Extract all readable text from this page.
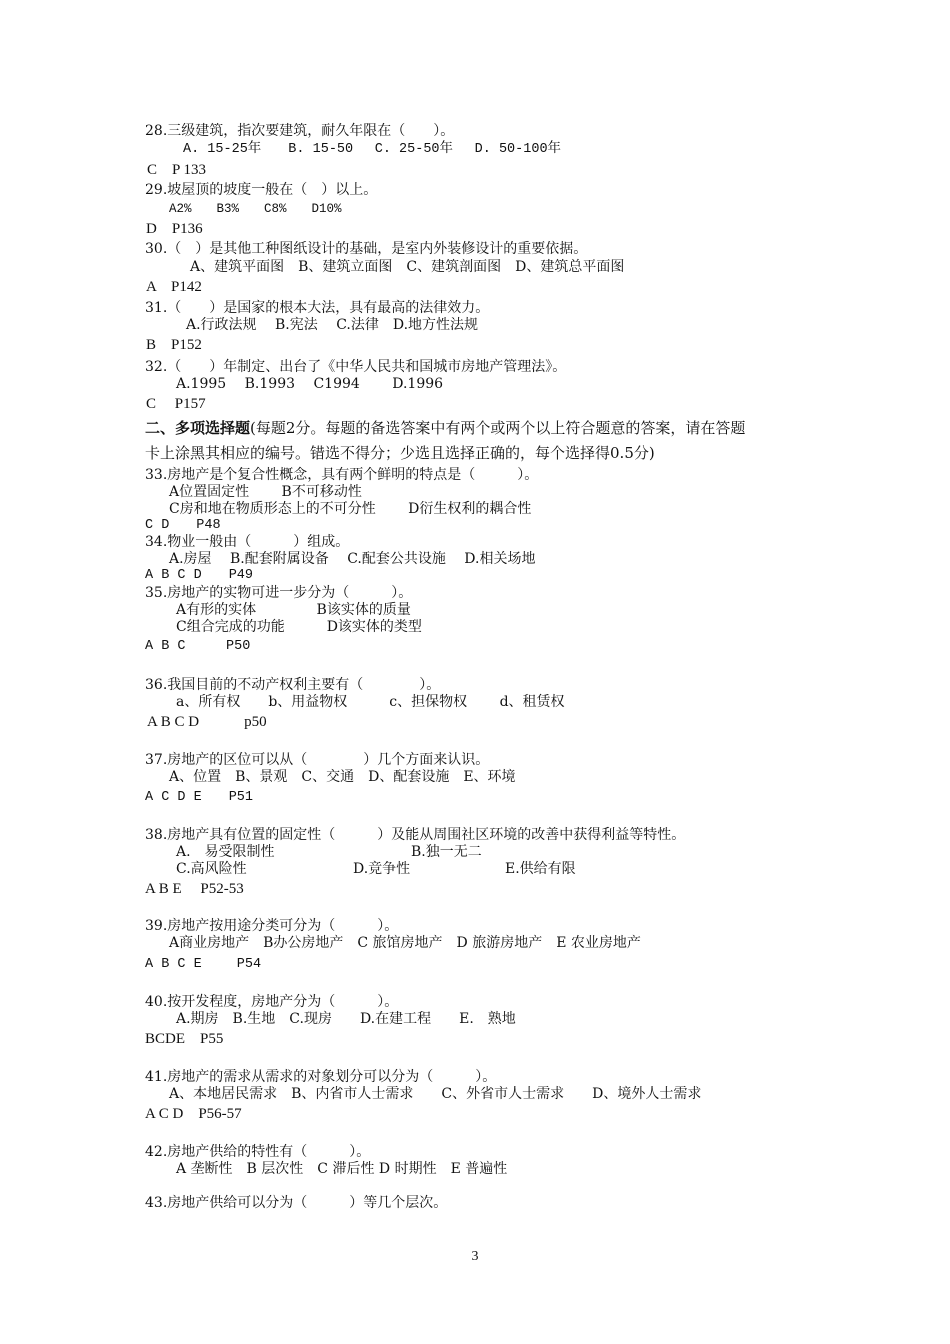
28.三级建筑，指次要建筑，耐久年限在（　　）。
A. 15-25年　　B. 15-50　 C. 25-50年　 D. 50-100年
C　P 133
29.坡屋顶的坡度一般在（　）以上。
A2%　　B3%　　C8%　　D10%
D　P136
30.（　）是其他工种图纸设计的基础，是室内外装修设计的重要依据。
A、建筑平面图　B、建筑立面图　C、建筑剖面图　D、建筑总平面图
A　P142
31.（　　）是国家的根本大法，具有最高的法律效力。
A.行政法规　 B.宪法　 C.法律　D.地方性法规
B　P152
32.（　　）年制定、出台了《中华人民共和国城市房地产管理法》。
A.1995　 B.1993　 C1994　　 D.1996
C　 P157
二、多项选择题(每题2分。每题的备选答案中有两个或两个以上符合题意的答案，请在答题
卡上涂黑其相应的编号。错选不得分；少选且选择正确的，每个选择得0.5分)
33.房地产是个复合性概念，具有两个鲜明的特点是（　　　）。
A位置固定性　　 B不可移动性
C房和地在物质形态上的不可分性　　 D衍生权利的耦合性
C D　　P48
34.物业一般由（　　　）组成。
A.房屋　 B.配套附属设备　 C.配套公共设施　 D.相关场地
A B C D　　P49
35.房地产的实物可进一步分为（　　　）。
A有形的实体　　　　 B该实体的质量
C组合完成的功能　　　D该实体的类型
A B C　　　P50
36.我国目前的不动产权利主要有（　　　　）。
a、所有权　　b、用益物权　　　c、担保物权　　 d、租赁权
A B C D　　　p50
37.房地产的区位可以从（　　　　）几个方面来认识。
A、位置　B、景观　C、交通　D、配套设施　E、环境
A C D E　　P51
38.房地产具有位置的固定性（　　　）及能从周围社区环境的改善中获得利益等特性。
A.　易受限制性	B.独一无二
C.高风险性	D.竞争性	E.供给有限
A B E　 P52-53
39.房地产按用途分类可分为（　　　）。
A商业房地产　B办公房地产　C 旅馆房地产　D 旅游房地产　E 农业房地产
A B C E　　 P54
40.按开发程度，房地产分为（　　　）。
A.期房　B.生地　C.现房　　D.在建工程　　E.　熟地
BCDE　P55
41.房地产的需求从需求的对象划分可以分为（　　　）。
A、本地居民需求　B、内省市人士需求　　C、外省市人士需求　　D、境外人士需求
A C D　P56-57
42.房地产供给的特性有（　　　）。
A 垄断性　B 层次性　C 滞后性 D 时期性　E 普遍性
43.房地产供给可以分为（　　　）等几个层次。
3
